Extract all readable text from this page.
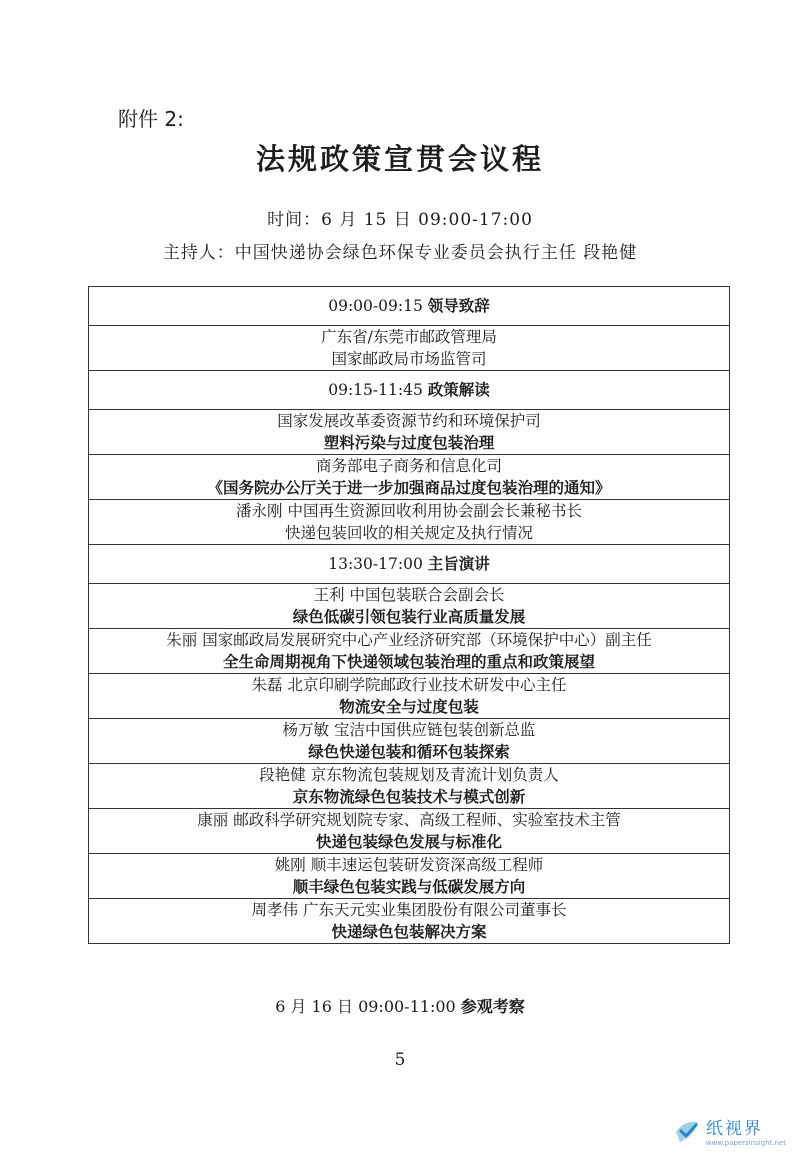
附件 2:
法规政策宣贯会议程
时间：6 月 15 日 09:00-17:00
主持人：中国快递协会绿色环保专业委员会执行主任 段艳健
09:00-09:15 领导致辞

广东省/东莞市邮政管理局
国家邮政局市场监管司

09:15-11:45 政策解读

国家发展改革委资源节约和环境保护司
塑料污染与过度包装治理

商务部电子商务和信息化司
《国务院办公厅关于进一步加强商品过度包装治理的通知》

潘永刚 中国再生资源回收利用协会副会长兼秘书长
快递包装回收的相关规定及执行情况

13:30-17:00 主旨演讲

王利 中国包装联合会副会长
绿色低碳引领包装行业高质量发展

朱丽 国家邮政局发展研究中心产业经济研究部（环境保护中心）副主任
全生命周期视角下快递领域包装治理的重点和政策展望

朱磊 北京印刷学院邮政行业技术研发中心主任
物流安全与过度包装

杨万敏 宝洁中国供应链包装创新总监
绿色快递包装和循环包装探索

段艳健 京东物流包装规划及青流计划负责人
京东物流绿色包装技术与模式创新

康丽 邮政科学研究规划院专家、高级工程师、实验室技术主管
快递包装绿色发展与标准化

姚刚 顺丰速运包装研发资深高级工程师
顺丰绿色包装实践与低碳发展方向

周孝伟 广东天元实业集团股份有限公司董事长
快递绿色包装解决方案
6 月 16 日 09:00-11:00 参观考察
5
纸视界
www.papersinsight.net
